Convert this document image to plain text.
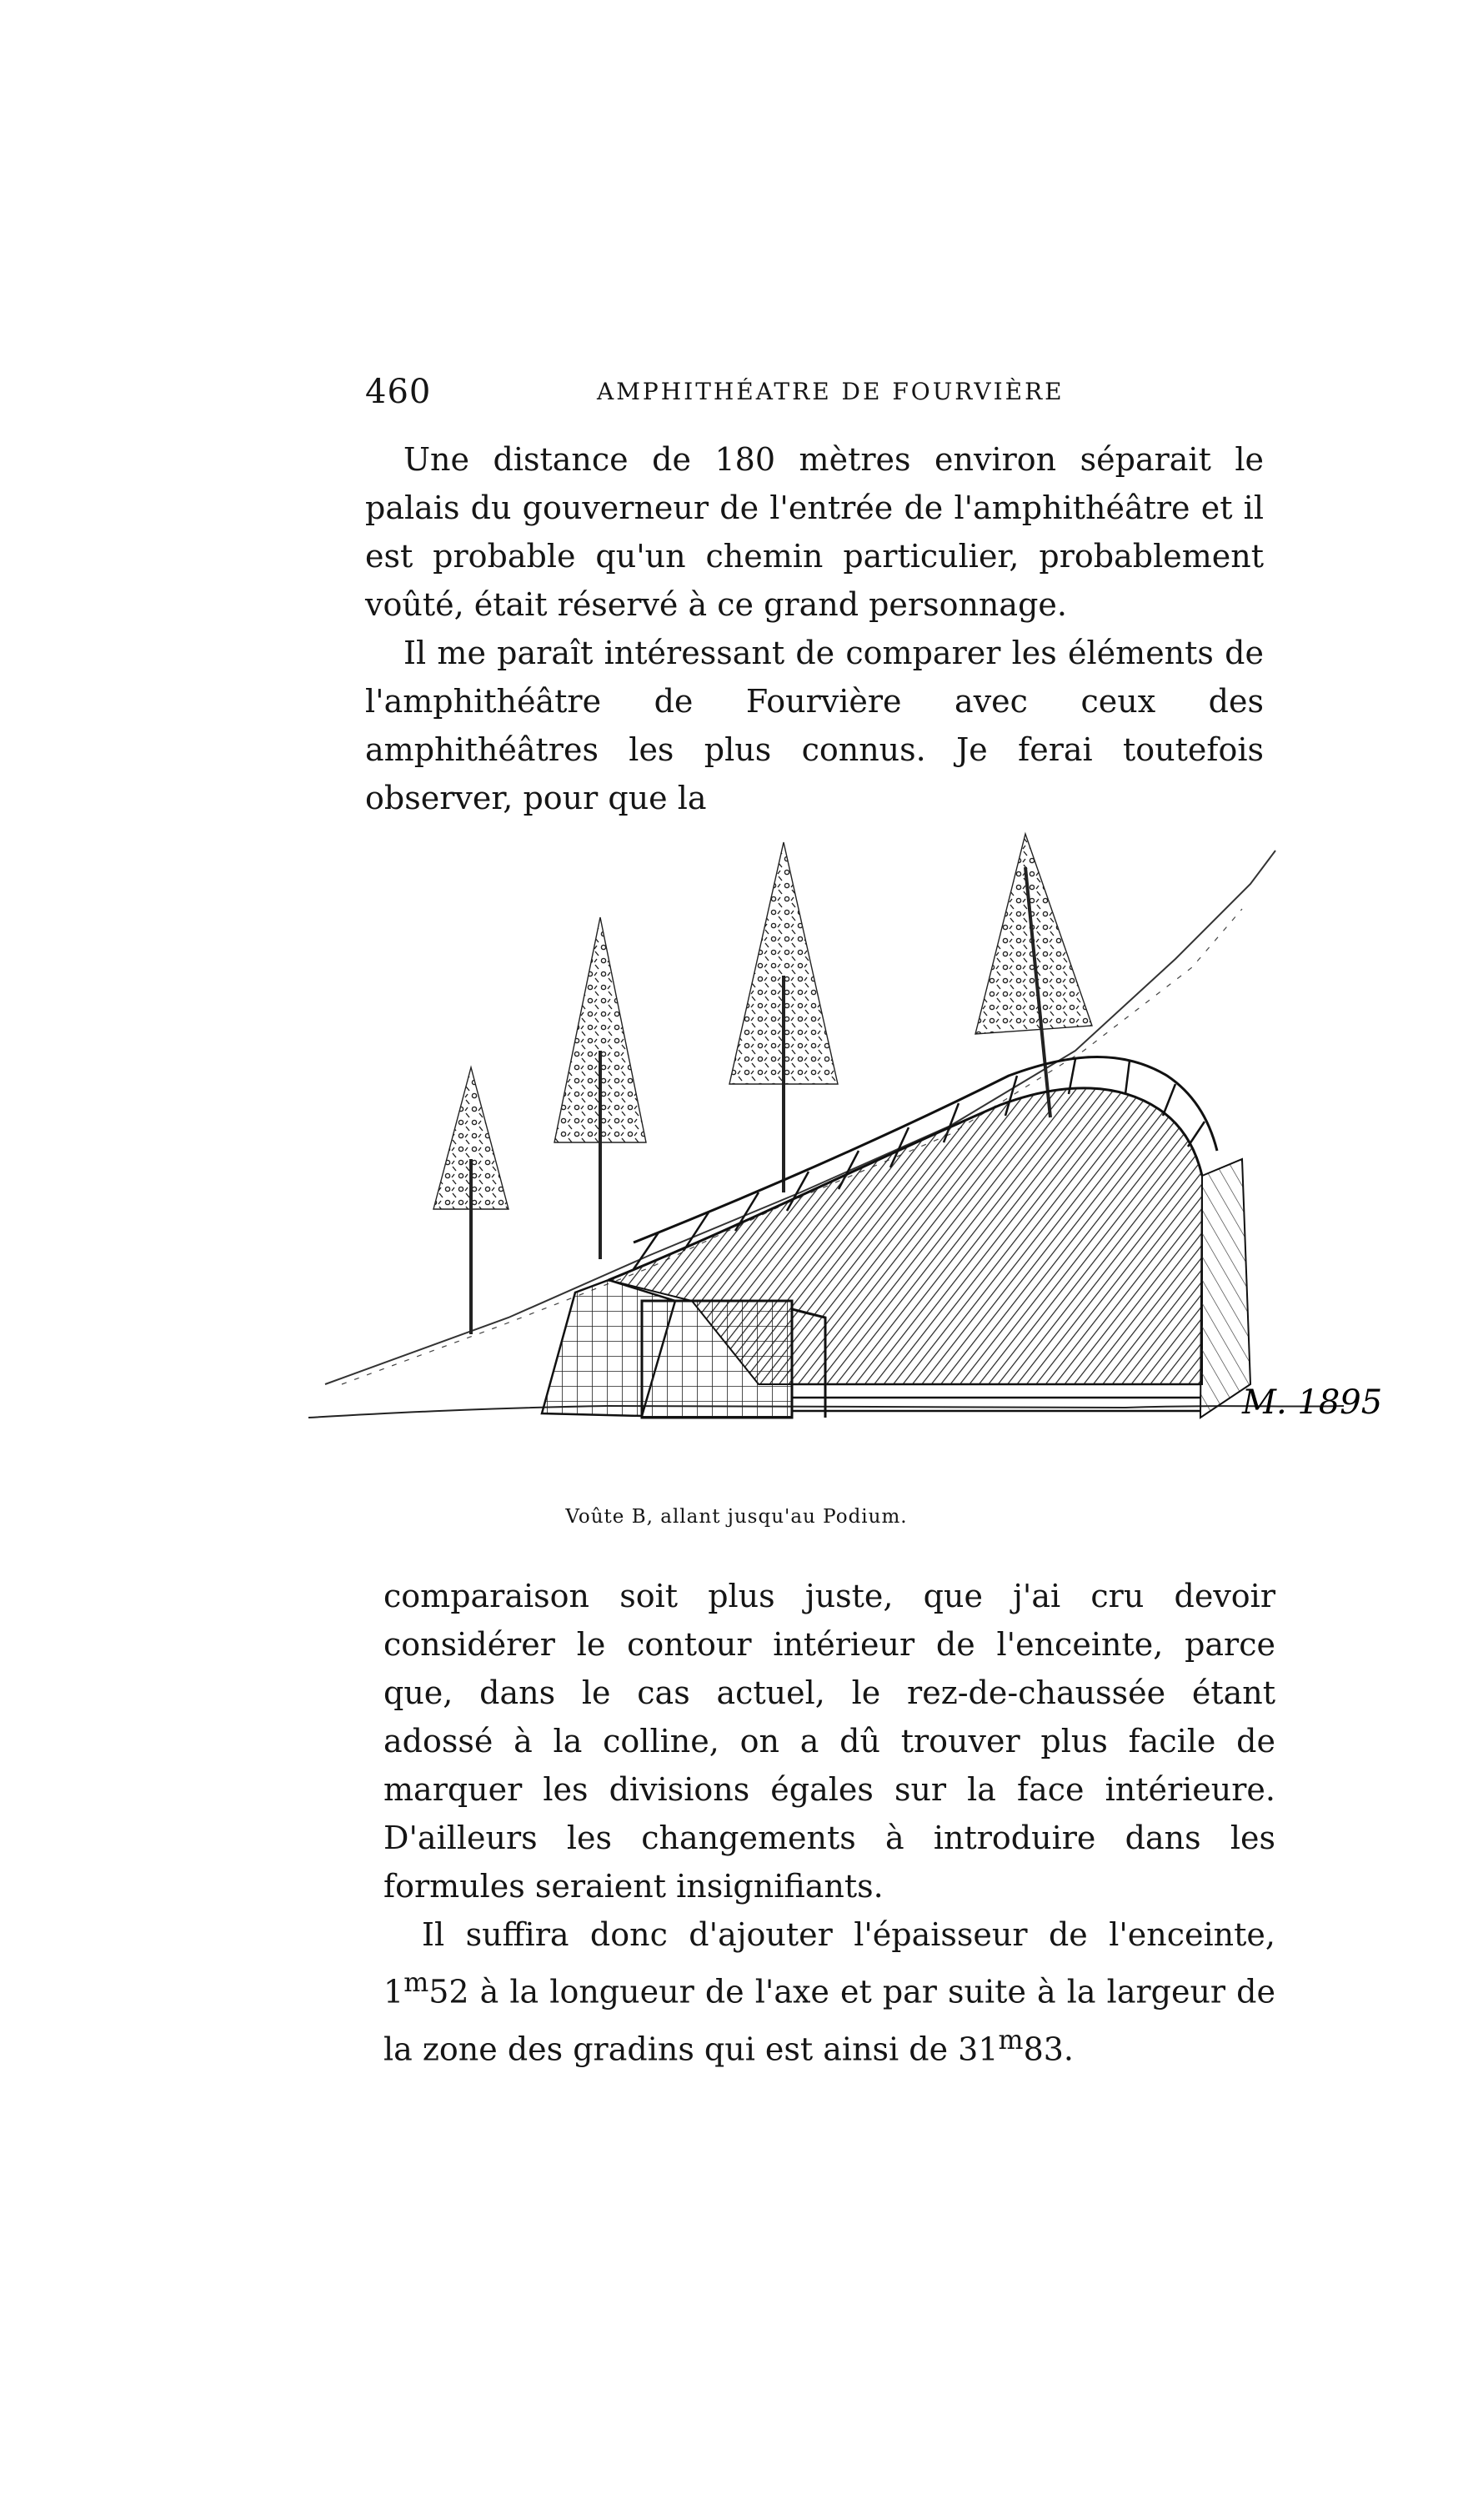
460	AMPHITHÉATRE DE FOURVIÈRE

Une distance de 180 mètres environ séparait le palais du gouverneur de l'entrée de l'amphithéâtre et il est probable qu'un chemin particulier, probablement voûté, était réservé à ce grand personnage.

Il me paraît intéressant de comparer les éléments de l'amphithéâtre de Fourvière avec ceux des amphithéâtres les plus connus. Je ferai toutefois observer, pour que la

M. 1895
Voûte B, allant jusqu'au Podium.

comparaison soit plus juste, que j'ai cru devoir considérer le contour intérieur de l'enceinte, parce que, dans le cas actuel, le rez-de-chaussée étant adossé à la colline, on a dû trouver plus facile de marquer les divisions égales sur la face intérieure. D'ailleurs les changements à introduire dans les formules seraient insignifiants.

Il suffira donc d'ajouter l'épaisseur de l'enceinte, 1$^m$52 à la longueur de l'axe et par suite à la largeur de la zone des gradins qui est ainsi de 31$^m$83.
